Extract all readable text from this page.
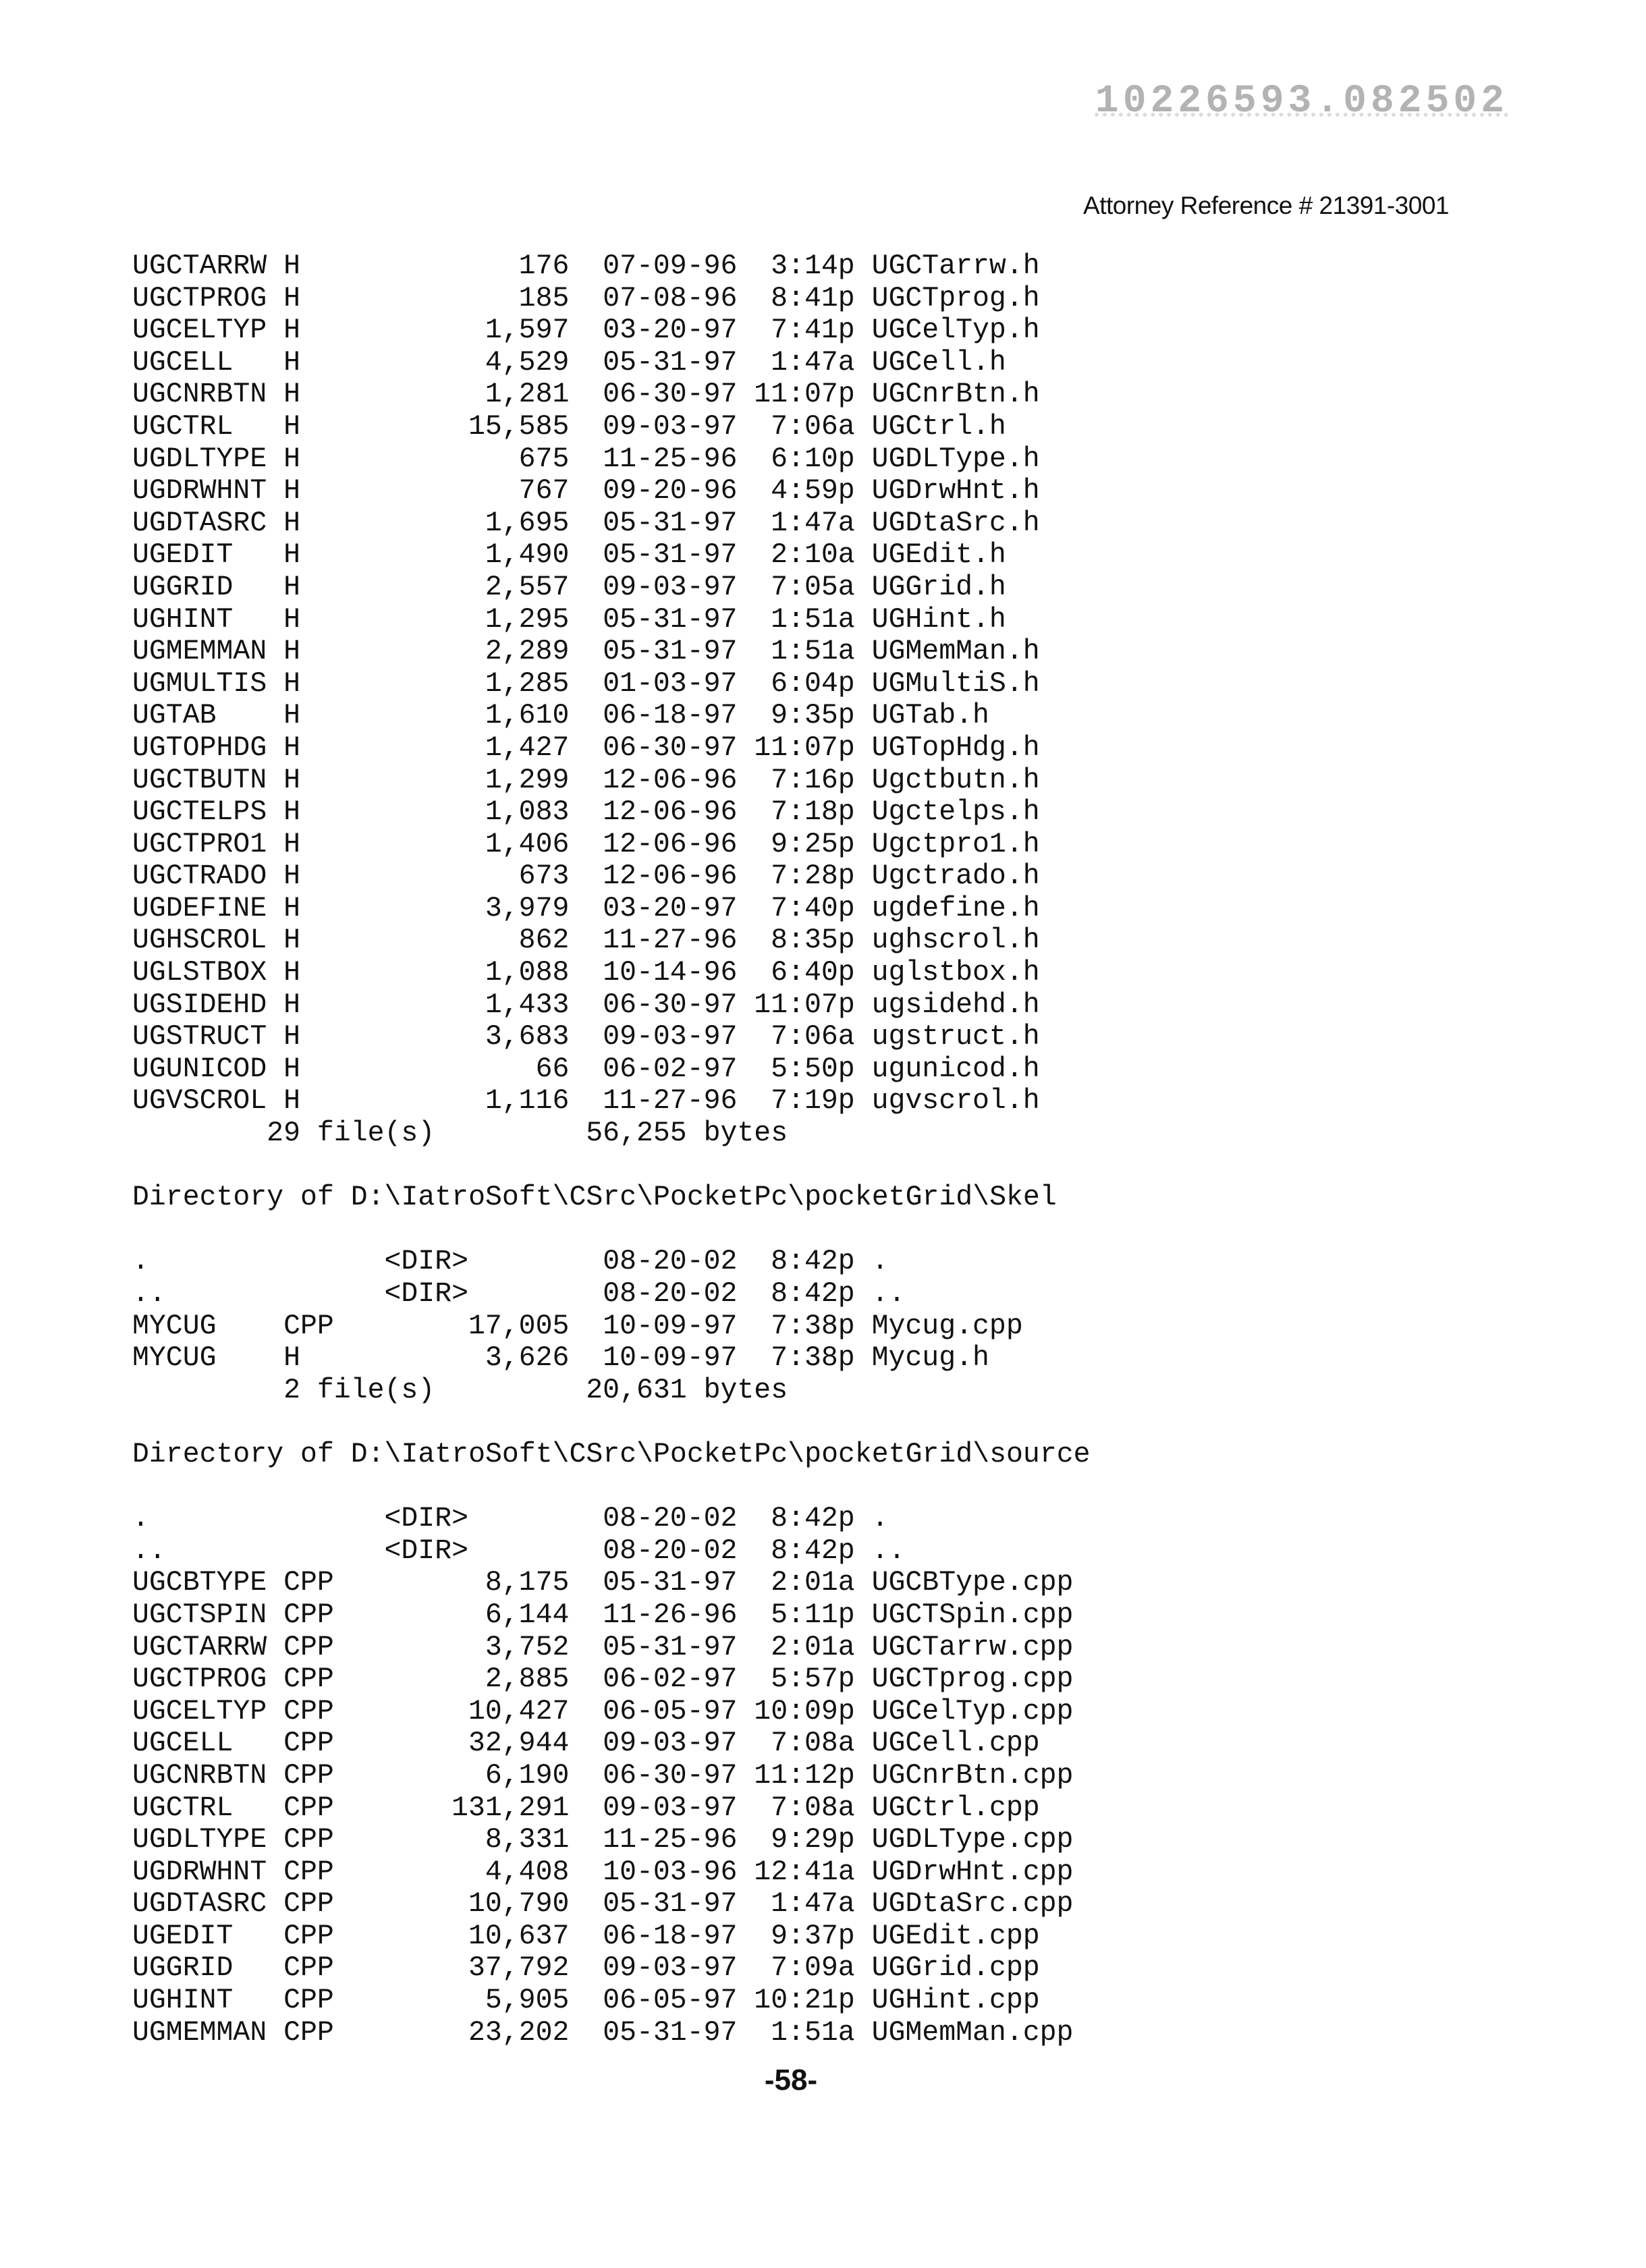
10226593.082502
Attorney Reference # 21391-3001
UGCTARRW H	176 07-09-96	3:14p UGCTarrw.h
UGCTPROG H	185 07-08-96	8:41p UGCTprog.h
UGCELTYP H	1,597 03-20-97	7:41p UGCelTyp.h
UGCELL H	4,529 05-31-97	1:47a UGCell.h
UGCNRBTN H	1,281 06-30-97 11:07p UGCnrBtn.h
UGCTRL H	15,585 09-03-97	7:06a UGCtrl.h
UGDLTYPE H	675 11-25-96	6:10p UGDLType.h
UGDRWHNT H	767 09-20-96	4:59p UGDrwHnt.h
UGDTASRC H	1,695 05-31-97	1:47a UGDtaSrc.h
UGEDIT H	1,490 05-31-97	2:10a UGEdit.h
UGGRID H	2,557 09-03-97	7:05a UGGrid.h
UGHINT H	1,295 05-31-97	1:51a UGHint.h
UGMEMMAN H	2,289 05-31-97	1:51a UGMemMan.h
UGMULTIS H	1,285 01-03-97	6:04p UGMultiS.h
UGTAB H	1,610 06-18-97	9:35p UGTab.h
UGTOPHDG H	1,427 06-30-97 11:07p UGTopHdg.h
UGCTBUTN H	1,299 12-06-96	7:16p Ugctbutn.h
UGCTELPS H	1,083 12-06-96	7:18p Ugctelps.h
UGCTPRO1 H	1,406 12-06-96	9:25p Ugctpro1.h
UGCTRADO H	673 12-06-96	7:28p Ugctrado.h
UGDEFINE H	3,979 03-20-97	7:40p ugdefine.h
UGHSCROL H	862 11-27-96	8:35p ughscrol.h
UGLSTBOX H	1,088 10-14-96	6:40p uglstbox.h
UGSIDEHD H	1,433 06-30-97 11:07p ugsidehd.h
UGSTRUCT H	3,683 09-03-97	7:06a ugstruct.h
UGUNICOD H	66 06-02-97	5:50p ugunicod.h
UGVSCROL H	1,116 11-27-96	7:19p ugvscrol.h
29 file(s)	56,255 bytes
Directory of D:\IatroSoft\CSrc\PocketPc\pocketGrid\Skel
.	<DIR>	08-20-02	8:42p .
..	<DIR>	08-20-02	8:42p ..
MYCUG CPP	17,005 10-09-97	7:38p Mycug.cpp
MYCUG H	3,626 10-09-97	7:38p Mycug.h
2 file(s)	20,631 bytes
Directory of D:\IatroSoft\CSrc\PocketPc\pocketGrid\source
.	<DIR>	08-20-02	8:42p .
..	<DIR>	08-20-02	8:42p ..
UGCBTYPE CPP	8,175 05-31-97	2:01a UGCBType.cpp
UGCTSPIN CPP	6,144 11-26-96	5:11p UGCTSpin.cpp
UGCTARRW CPP	3,752 05-31-97	2:01a UGCTarrw.cpp
UGCTPROG CPP	2,885 06-02-97	5:57p UGCTprog.cpp
UGCELTYP CPP	10,427 06-05-97 10:09p UGCelTyp.cpp
UGCELL CPP	32,944 09-03-97	7:08a UGCell.cpp
UGCNRBTN CPP	6,190 06-30-97 11:12p UGCnrBtn.cpp
UGCTRL CPP	131,291 09-03-97	7:08a UGCtrl.cpp
UGDLTYPE CPP	8,331 11-25-96	9:29p UGDLType.cpp
UGDRWHNT CPP	4,408 10-03-96 12:41a UGDrwHnt.cpp
UGDTASRC CPP	10,790 05-31-97	1:47a UGDtaSrc.cpp
UGEDIT CPP	10,637 06-18-97	9:37p UGEdit.cpp
UGGRID CPP	37,792 09-03-97	7:09a UGGrid.cpp
UGHINT CPP	5,905 06-05-97 10:21p UGHint.cpp
UGMEMMAN CPP	23,202 05-31-97	1:51a UGMemMan.cpp
-58-
